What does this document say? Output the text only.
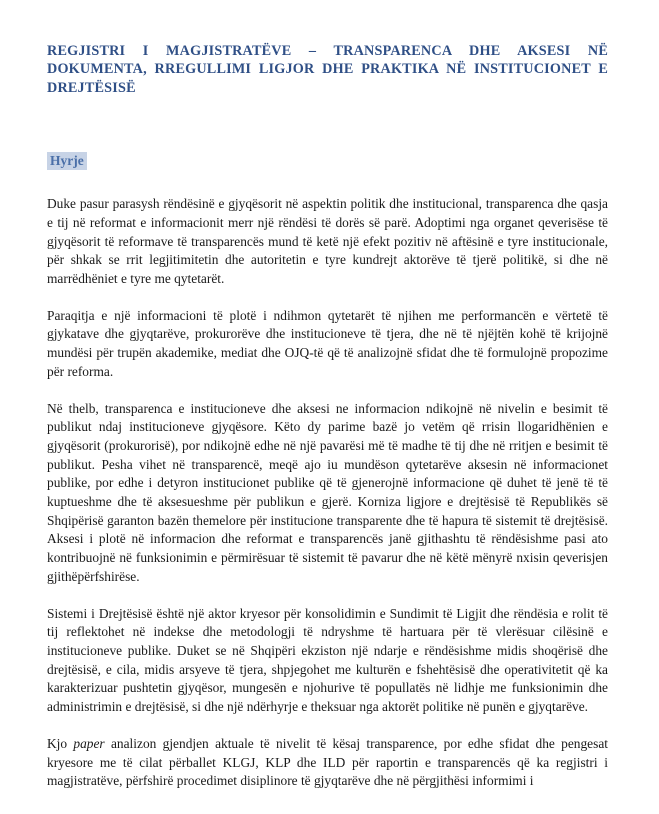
REGJISTRI I MAGJISTRATËVE – TRANSPARENCA DHE AKSESI NË DOKUMENTA, RREGULLIMI LIGJOR DHE PRAKTIKA NË INSTITUCIONET E DREJTËSISË
Hyrje

Duke pasur parasysh rëndësinë e gjyqësorit në aspektin politik dhe institucional, transparenca dhe qasja e tij në reformat e informacionit merr një rëndësi të dorës së parë. Adoptimi nga organet qeverisëse të gjyqësorit të reformave të transparencës mund të ketë një efekt pozitiv në aftësinë e tyre institucionale, për shkak se rrit legjitimitetin dhe autoritetin e tyre kundrejt aktorëve të tjerë politikë, si dhe në marrëdhëniet e tyre me qytetarët.

Paraqitja e një informacioni të plotë i ndihmon qytetarët të njihen me performancën e vërtetë të gjykatave dhe gjyqtarëve, prokurorëve dhe institucioneve të tjera, dhe në të njëjtën kohë të krijojnë mundësi për trupën akademike, mediat dhe OJQ-të që të analizojnë sfidat dhe të formulojnë propozime për reforma.

Në thelb, transparenca e institucioneve dhe aksesi ne informacion ndikojnë në nivelin e besimit të publikut ndaj institucioneve gjyqësore. Këto dy parime bazë jo vetëm që rrisin llogaridhënien e gjyqësorit (prokurorisë), por ndikojnë edhe në një pavarësi më të madhe të tij dhe në rritjen e besimit të publikut. Pesha vihet në transparencë, meqë ajo iu mundëson qytetarëve aksesin në informacionet publike, por edhe i detyron institucionet publike që të gjenerojnë informacione që duhet të jenë të të kuptueshme dhe të aksesueshme për publikun e gjerë. Korniza ligjore e drejtësisë të Republikës së Shqipërisë garanton bazën themelore për institucione transparente dhe të hapura të sistemit të drejtësisë. Aksesi i plotë në informacion dhe reformat e transparencës janë gjithashtu të rëndësishme pasi ato kontribuojnë në funksionimin e përmirësuar të sistemit të pavarur dhe në këtë mënyrë nxisin qeverisjen gjithëpërfshirëse.

Sistemi i Drejtësisë është një aktor kryesor për konsolidimin e Sundimit të Ligjit dhe rëndësia e rolit të tij reflektohet në indekse dhe metodologji të ndryshme të hartuara për të vlerësuar cilësinë e institucioneve publike. Duket se në Shqipëri ekziston një ndarje e rëndësishme midis shoqërisë dhe drejtësisë, e cila, midis arsyeve të tjera, shpjegohet me kulturën e fshehtësisë dhe operativitetit që ka karakterizuar pushtetin gjyqësor, mungesën e njohurive të popullatës në lidhje me funksionimin dhe administrimin e drejtësisë, si dhe një ndërhyrje e theksuar nga aktorët politike në punën e gjyqtarëve.

Kjo paper analizon gjendjen aktuale të nivelit të kësaj transparence, por edhe sfidat dhe pengesat kryesore me të cilat përballet KLGJ, KLP dhe ILD për raportin e transparencës që ka regjistri i magjistratëve, përfshirë procedimet disiplinore të gjyqtarëve dhe në përgjithësi informimi i
